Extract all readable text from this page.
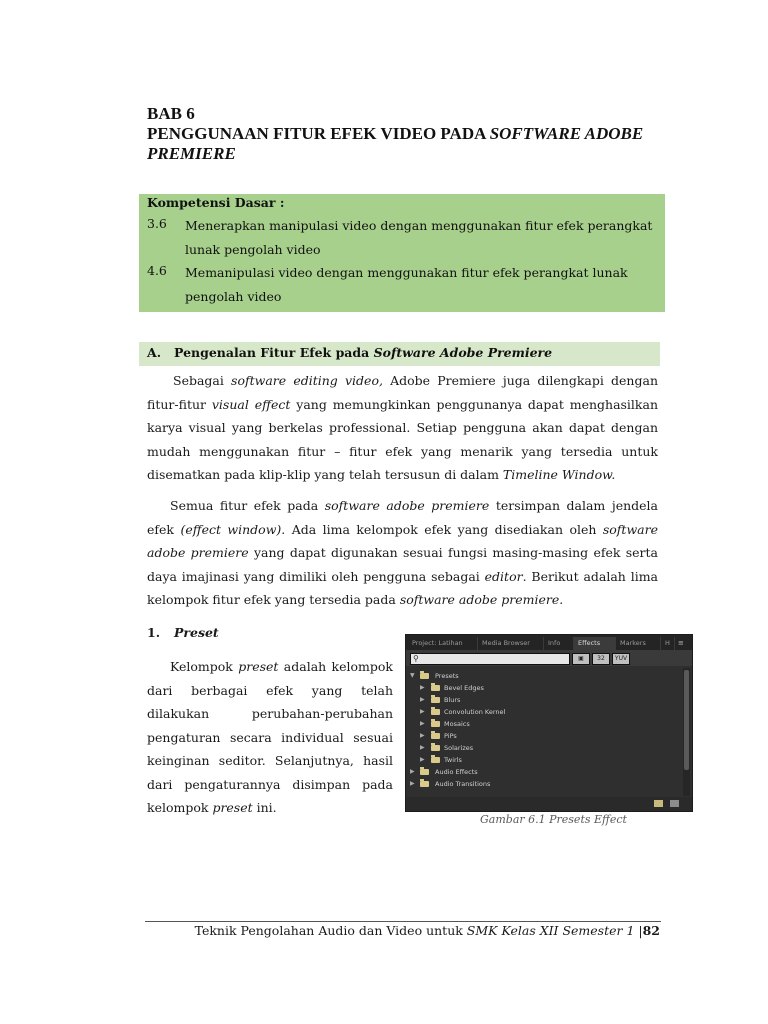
BAB 6
PENGGUNAAN FITUR EFEK VIDEO PADA SOFTWARE ADOBE
PREMIERE
Kompetensi Dasar :
3.6 Menerapkan manipulasi video dengan menggunakan fitur efek perangkat
lunak pengolah video
4.6 Memanipulasi video dengan menggunakan fitur efek perangkat lunak
pengolah video
A. Pengenalan Fitur Efek pada Software Adobe Premiere
Sebagai software editing video, Adobe Premiere juga dilengkapi dengan fitur-fitur visual effect yang memungkinkan penggunanya dapat menghasilkan karya visual yang berkelas professional. Setiap pengguna akan dapat dengan mudah menggunakan fitur – fitur efek yang menarik yang tersedia untuk disematkan pada klip-klip yang telah tersusun di dalam Timeline Window.
Semua fitur efek pada software adobe premiere tersimpan dalam jendela efek (effect window). Ada lima kelompok efek yang disediakan oleh software adobe premiere yang dapat digunakan sesuai fungsi masing-masing efek serta daya imajinasi yang dimiliki oleh pengguna sebagai editor. Berikut adalah lima kelompok fitur efek yang tersedia pada software adobe premiere.
1. Preset
Kelompok preset adalah kelompok dari berbagai efek yang telah dilakukan perubahan-perubahan pengaturan secara individual sesuai keinginan seditor. Selanjutnya, hasil dari pengaturannya disimpan pada kelompok preset ini.
Project: Latihan	Media Browser	Info	Effects	Markers	H	≡
⚲	▣	32	YUV
▼	Presets
▶	Bevel Edges
▶	Blurs
▶	Convolution Kernel
▶	Mosaics
▶	PiPs
▶	Solarizes
▶	Twirls
▶	Audio Effects
▶	Audio Transitions
Gambar 6.1 Presets Effect
Teknik Pengolahan Audio dan Video untuk SMK Kelas XII Semester 1 |82
